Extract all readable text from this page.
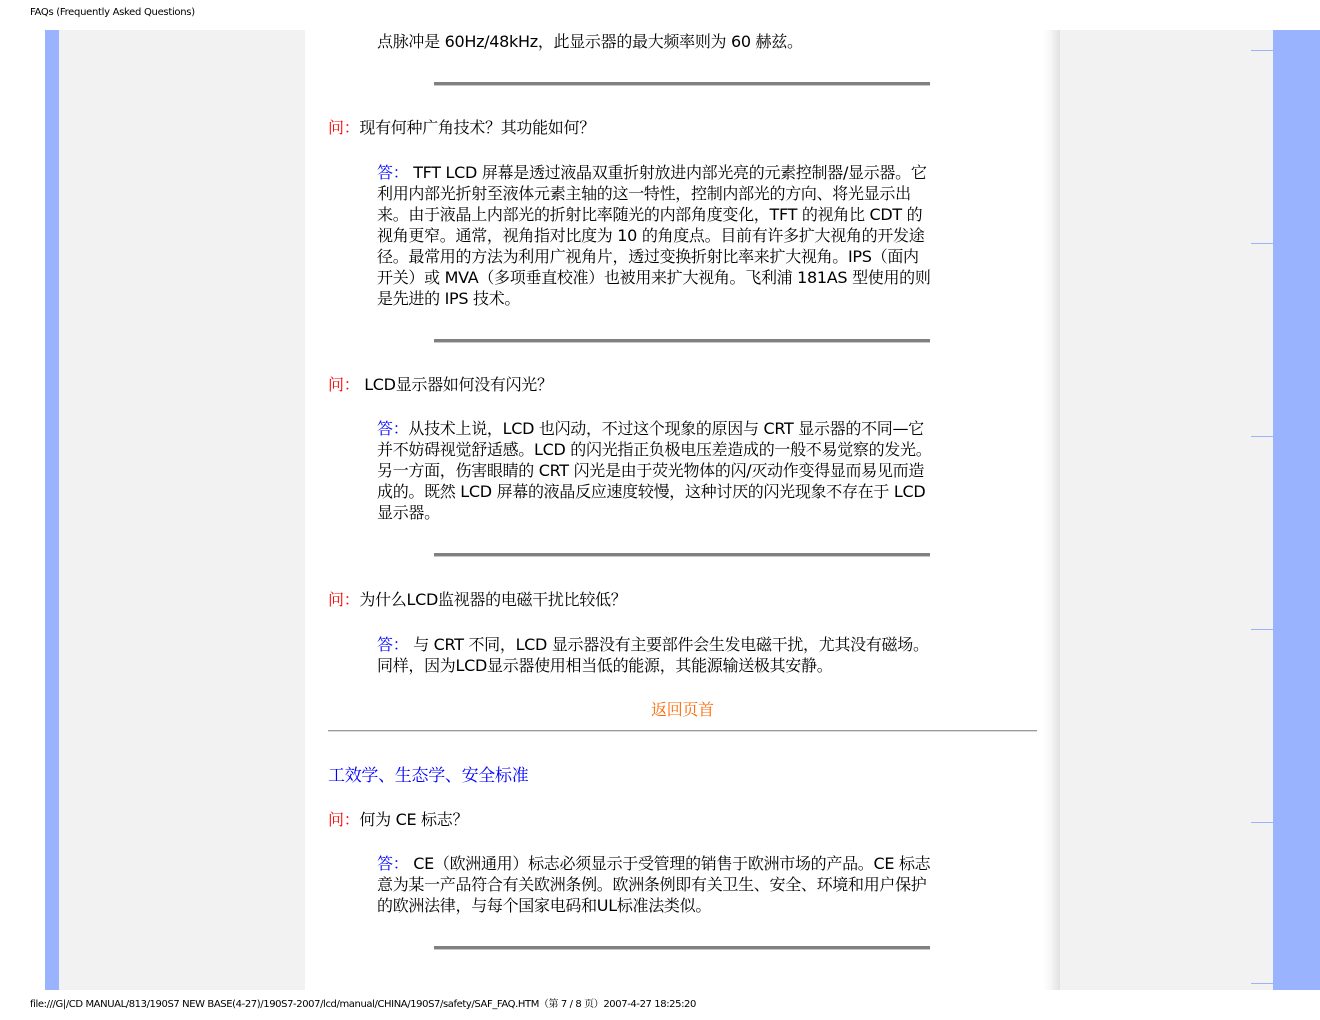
FAQs (Frequently Asked Questions)
点脉冲是 60Hz/48kHz，此显示器的最大频率则为 60 赫兹。
问：现有何种广角技术？其功能如何？
答： TFT LCD 屏幕是透过液晶双重折射放进内部光亮的元素控制器/显示器。它
利用内部光折射至液体元素主轴的这一特性，控制内部光的方向、将光显示出
来。由于液晶上内部光的折射比率随光的内部角度变化，TFT 的视角比 CDT 的
视角更窄。通常，视角指对比度为 10 的角度点。目前有许多扩大视角的开发途
径。最常用的方法为利用广视角片，透过变换折射比率来扩大视角。IPS（面内
开关）或 MVA（多项垂直校准）也被用来扩大视角。飞利浦 181AS 型使用的则
是先进的 IPS 技术。
问： LCD显示器如何没有闪光？
答：从技术上说，LCD 也闪动，不过这个现象的原因与 CRT 显示器的不同—它
并不妨碍视觉舒适感。LCD 的闪光指正负极电压差造成的一般不易觉察的发光。
另一方面，伤害眼睛的 CRT 闪光是由于荧光物体的闪/灭动作变得显而易见而造
成的。既然 LCD 屏幕的液晶反应速度较慢，这种讨厌的闪光现象不存在于 LCD
显示器。
问：为什么LCD监视器的电磁干扰比较低？
答： 与 CRT 不同，LCD 显示器没有主要部件会生发电磁干扰，尤其没有磁场。
同样，因为LCD显示器使用相当低的能源，其能源输送极其安静。
返回页首
工效学、生态学、安全标准
问：何为 CE 标志？
答： CE（欧洲通用）标志必须显示于受管理的销售于欧洲市场的产品。CE 标志
意为某一产品符合有关欧洲条例。欧洲条例即有关卫生、安全、环境和用户保护
的欧洲法律，与每个国家电码和UL标准法类似。
file:///G|/CD MANUAL/813/190S7 NEW BASE(4-27)/190S7-2007/lcd/manual/CHINA/190S7/safety/SAF_FAQ.HTM（第 7 / 8 页）2007-4-27 18:25:20
